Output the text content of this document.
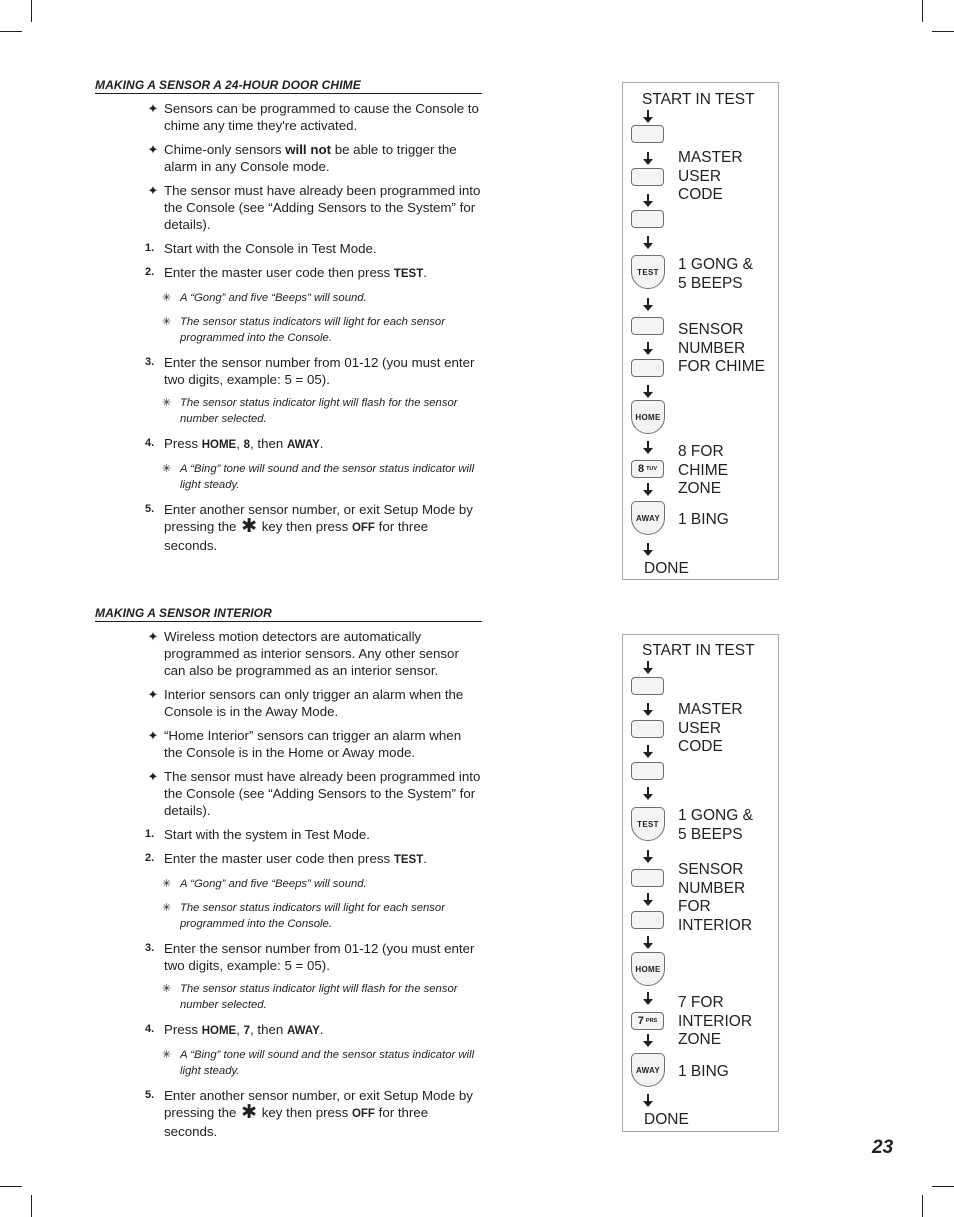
MAKING A SENSOR A 24-HOUR DOOR CHIME
✦ Sensors can be programmed to cause the Console to chime any time they're activated.
✦ Chime-only sensors will not be able to trigger the alarm in any Console mode.
✦ The sensor must have already been programmed into the Console (see “Adding Sensors to the System” for details).
1. Start with the Console in Test Mode.
2. Enter the master user code then press TEST.
✳ A “Gong” and five “Beeps” will sound.
✳ The sensor status indicators will light for each sensor programmed into the Console.
3. Enter the sensor number from 01-12 (you must enter two digits, example: 5 = 05).
✳ The sensor status indicator light will flash for the sensor number selected.
4. Press HOME, 8, then AWAY.
✳ A “Bing” tone will sound and the sensor status indicator will light steady.
5. Enter another sensor number, or exit Setup Mode by pressing the ✱ key then press OFF for three seconds.
MAKING A SENSOR INTERIOR
✦ Wireless motion detectors are automatically programmed as interior sensors. Any other sensor can also be programmed as an interior sensor.
✦ Interior sensors can only trigger an alarm when the Console is in the Away Mode.
✦ “Home Interior” sensors can trigger an alarm when the Console is in the Home or Away mode.
✦ The sensor must have already been programmed into the Console (see “Adding Sensors to the System” for details).
1. Start with the system in Test Mode.
2. Enter the master user code then press TEST.
✳ A “Gong” and five “Beeps” will sound.
✳ The sensor status indicators will light for each sensor programmed into the Console.
3. Enter the sensor number from 01-12 (you must enter two digits, example: 5 = 05).
✳ The sensor status indicator light will flash for the sensor number selected.
4. Press HOME, 7, then AWAY.
✳ A “Bing” tone will sound and the sensor status indicator will light steady.
5. Enter another sensor number, or exit Setup Mode by pressing the ✱ key then press OFF for three seconds.
START IN TEST
TEST
HOME
8 TUV
AWAY
MASTER
USER
CODE
1 GONG &
5 BEEPS
SENSOR
NUMBER
FOR CHIME
8 FOR
CHIME
ZONE
1 BING
DONE
START IN TEST
TEST
HOME
7 PRS
AWAY
MASTER
USER
CODE
1 GONG &
5 BEEPS
SENSOR
NUMBER
FOR
INTERIOR
7 FOR
INTERIOR
ZONE
1 BING
DONE
23
